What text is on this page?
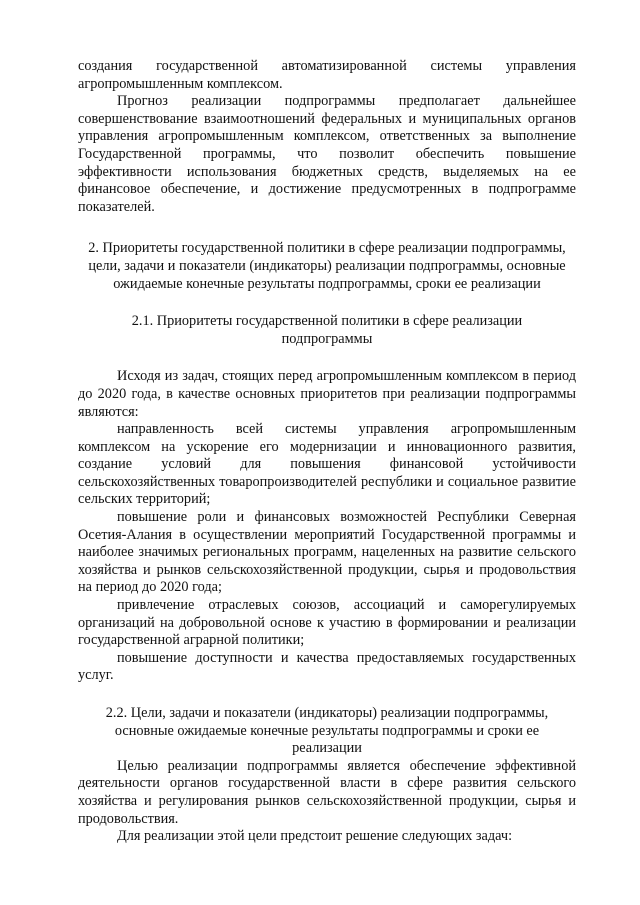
создания государственной автоматизированной системы управления агропромышленным комплексом.

Прогноз реализации подпрограммы предполагает дальнейшее совершенствование взаимоотношений федеральных и муниципальных органов управления агропромышленным комплексом, ответственных за выполнение Государственной программы, что позволит обеспечить повышение эффективности использования бюджетных средств, выделяемых на ее финансовое обеспечение, и достижение предусмотренных в подпрограмме показателей.

2. Приоритеты государственной политики в сфере реализации подпрограммы, цели, задачи и показатели (индикаторы) реализации подпрограммы, основные ожидаемые конечные результаты подпрограммы, сроки ее реализации

2.1. Приоритеты государственной политики в сфере реализации подпрограммы

Исходя из задач, стоящих перед агропромышленным комплексом в период до 2020 года, в качестве основных приоритетов при реализации подпрограммы являются:

направленность всей системы управления агропромышленным комплексом на ускорение его модернизации и инновационного развития, создание условий для повышения финансовой устойчивости сельскохозяйственных товаропроизводителей республики и социальное развитие сельских территорий;

повышение роли и финансовых возможностей Республики Северная Осетия-Алания в осуществлении мероприятий Государственной программы и наиболее значимых региональных программ, нацеленных на развитие сельского хозяйства и рынков сельскохозяйственной продукции, сырья и продовольствия на период до 2020 года;

привлечение отраслевых союзов, ассоциаций и саморегулируемых организаций на добровольной основе к участию в формировании и реализации государственной аграрной политики;

повышение доступности и качества предоставляемых государственных услуг.

2.2. Цели, задачи и показатели (индикаторы) реализации подпрограммы, основные ожидаемые конечные результаты подпрограммы и сроки ее реализации

Целью реализации подпрограммы является обеспечение эффективной деятельности органов государственной власти в сфере развития сельского хозяйства и регулирования рынков сельскохозяйственной продукции, сырья и продовольствия.

Для реализации этой цели предстоит решение следующих задач:
